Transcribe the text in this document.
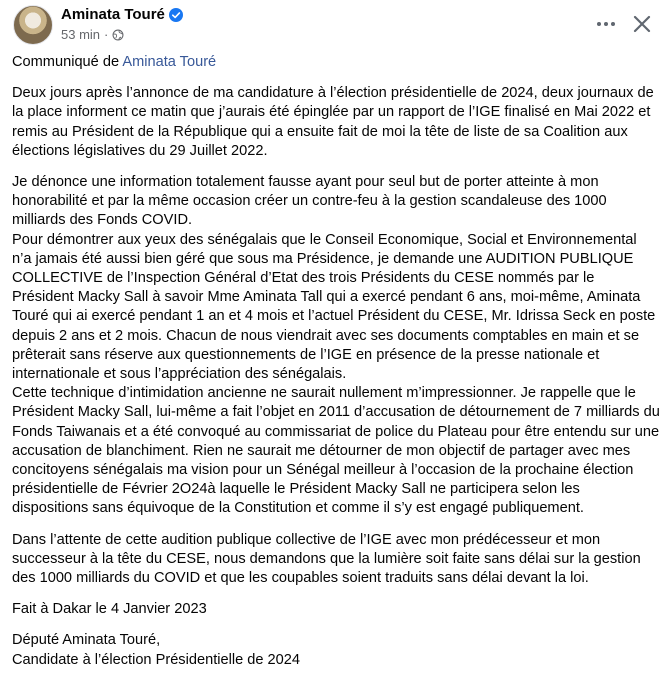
Aminata Touré
53 min ·

Communiqué de Aminata Touré

Deux jours après l’annonce de ma candidature à l’élection présidentielle de 2024, deux journaux de la place informent ce matin que j’aurais été épinglée par un rapport de l’IGE finalisé en Mai 2022 et remis au Président de la République qui a ensuite fait de moi la tête de liste de sa Coalition aux élections législatives du 29 Juillet 2022.

Je dénonce une information totalement fausse ayant pour seul but de porter atteinte à mon honorabilité et par la même occasion créer un contre-feu à la gestion scandaleuse des 1000 milliards des Fonds COVID.
Pour démontrer aux yeux des sénégalais que le Conseil Economique, Social et Environnemental n’a jamais été aussi bien géré que sous ma Présidence, je demande une AUDITION PUBLIQUE COLLECTIVE de l’Inspection Général d’Etat des trois Présidents du CESE nommés par le Président Macky Sall à savoir Mme Aminata Tall qui a exercé pendant 6 ans, moi-même, Aminata Touré qui ai exercé pendant 1 an et 4 mois et l’actuel Président du CESE, Mr. Idrissa Seck en poste depuis 2 ans et 2 mois. Chacun de nous viendrait avec ses documents comptables en main et se prêterait sans réserve aux questionnements de l’IGE en présence de la presse nationale et internationale et sous l’appréciation des sénégalais.
Cette technique d’intimidation ancienne ne saurait nullement m’impressionner. Je rappelle que le Président Macky Sall, lui-même a fait l’objet en 2011 d’accusation de détournement de 7 milliards du Fonds Taiwanais et a été convoqué au commissariat de police du Plateau pour être entendu sur une accusation de blanchiment. Rien ne saurait me détourner de mon objectif de partager avec mes concitoyens sénégalais ma vision pour un Sénégal meilleur à l’occasion de la prochaine élection présidentielle de Février 2O24à laquelle le Président Macky Sall ne participera selon les dispositions sans équivoque de la Constitution et comme il s’y est engagé publiquement.

Dans l’attente de cette audition publique collective de l’IGE avec mon prédécesseur et mon successeur à la tête du CESE, nous demandons que la lumière soit faite sans délai sur la gestion des 1000 milliards du COVID et que les coupables soient traduits sans délai devant la loi.

Fait à Dakar le 4 Janvier 2023

Député Aminata Touré,
Candidate à l’élection Présidentielle de 2024
